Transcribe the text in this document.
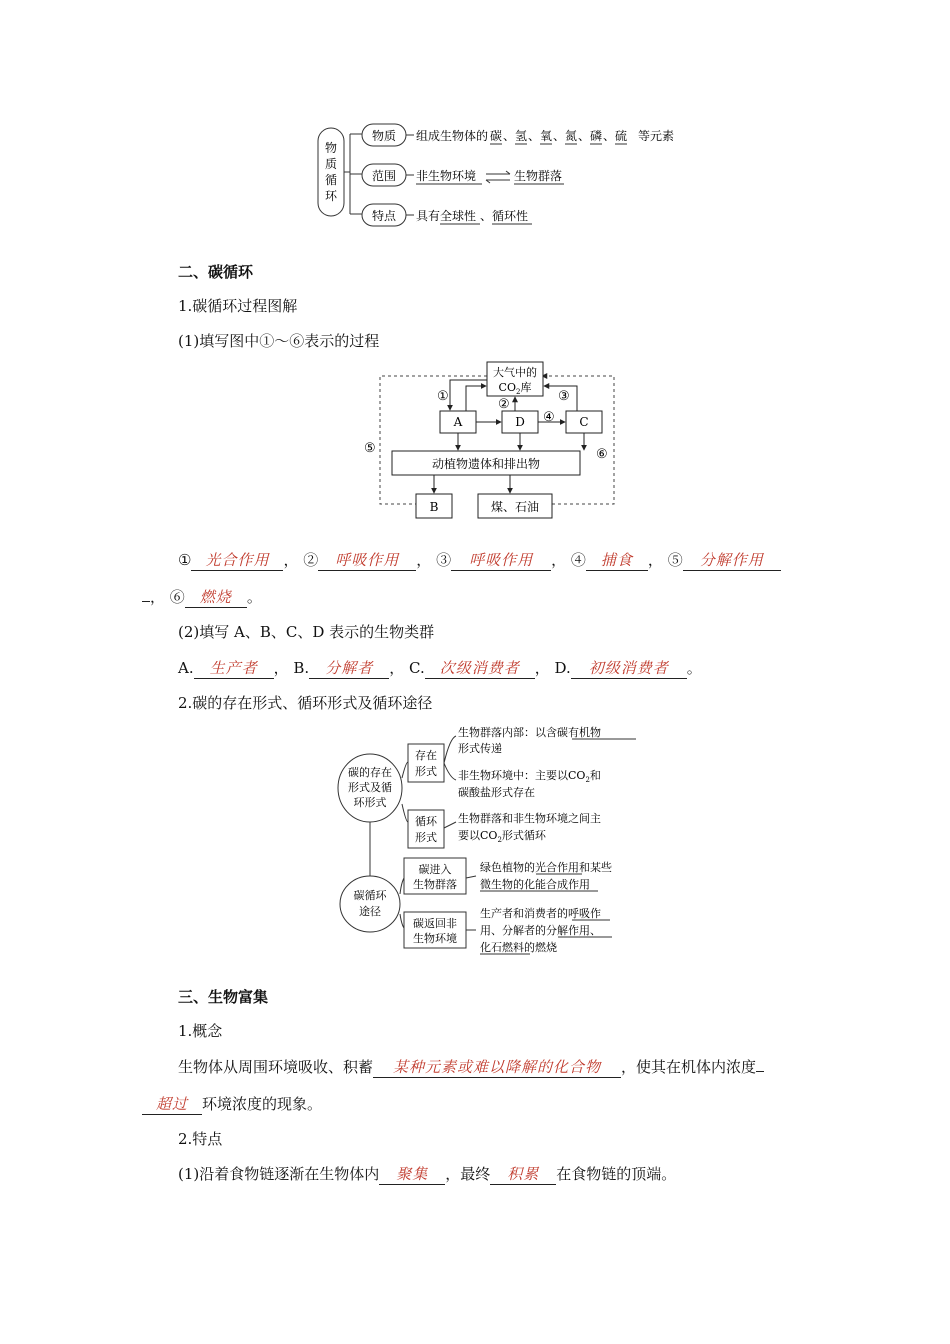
物质循环
物质
范围
特点
组成生物体的 碳 、 氢 、 氧 、 氮 、 磷 、 硫 等元素
非生物环境	生物群落
具有 全球性 、 循环性
二、碳循环
1.碳循环过程图解
(1)填写图中①～⑥表示的过程
大气中的
$CO_2$库
A	D	C
动植物遗体和排出物
B	煤、石油
①
②
③
④
⑤	⑥
① 光合作用 ， ② 呼吸作用 ， ③ 呼吸作用 ， ④ 捕食 ， ⑤ 分解作用
， ⑥ 燃烧 。
(2)填写 A、B、C、D 表示的生物类群
A. 生产者 ， B. 分解者 ， C. 次级消费者 ， D. 初级消费者 。
2.碳的存在形式、循环形式及循环途径
碳的存在
形式及循
环形式
存在
形式
生物群落内部：以含碳有机物
形式传递
非生物环境中：主要以$CO_2$和
碳酸盐形式存在
循环
形式
生物群落和非生物环境之间主
要以$CO_2$形式循环
碳循环
途径
碳进入
生物群落
绿色植物的光合作用和某些
微生物的化能合成作用
碳返回非
生物环境
生产者和消费者的呼吸作
用、分解者的分解作用、
化石燃料的燃烧
三、生物富集
1.概念
生物体从周围环境吸收、积蓄 某种元素或难以降解的化合物 ，使其在机体内浓度
超过 环境浓度的现象。
2.特点
(1)沿着食物链逐渐在生物体内 聚集 ，最终 积累 在食物链的顶端。
